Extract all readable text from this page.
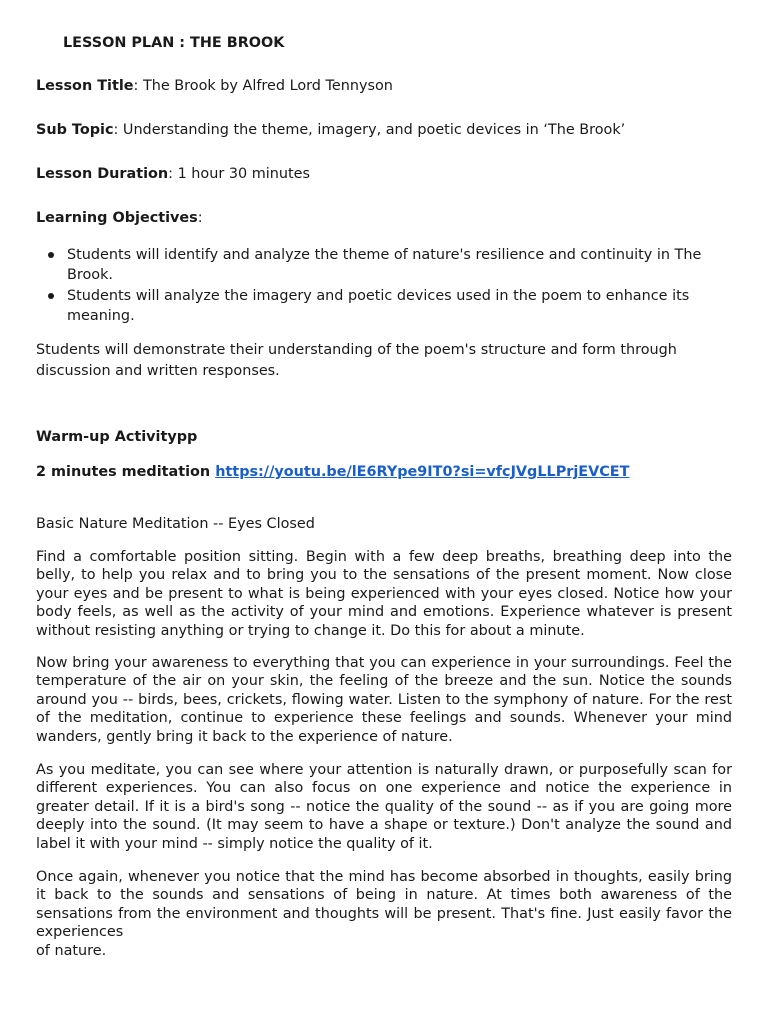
LESSON PLAN : THE BROOK
Lesson Title: The Brook by Alfred Lord Tennyson
Sub Topic: Understanding the theme, imagery, and poetic devices in ‘The Brook’
Lesson Duration: 1 hour 30 minutes
Learning Objectives:
Students will identify and analyze the theme of nature's resilience and continuity in The Brook.
Students will analyze the imagery and poetic devices used in the poem to enhance its meaning.

Students will demonstrate their understanding of the poem's structure and form through discussion and written responses.

Warm-up Activitypp
2 minutes meditation https://youtu.be/lE6RYpe9IT0?si=vfcJVgLLPrjEVCET
Basic Nature Meditation -- Eyes Closed

Find a comfortable position sitting. Begin with a few deep breaths, breathing deep into the belly, to help you relax and to bring you to the sensations of the present moment. Now close your eyes and be present to what is being experienced with your eyes closed. Notice how your body feels, as well as the activity of your mind and emotions. Experience whatever is present without resisting anything or trying to change it. Do this for about a minute.

Now bring your awareness to everything that you can experience in your surroundings. Feel the temperature of the air on your skin, the feeling of the breeze and the sun. Notice the sounds around you -- birds, bees, crickets, flowing water. Listen to the symphony of nature. For the rest of the meditation, continue to experience these feelings and sounds. Whenever your mind wanders, gently bring it back to the experience of nature.

As you meditate, you can see where your attention is naturally drawn, or purposefully scan for different experiences. You can also focus on one experience and notice the experience in greater detail. If it is a bird's song -- notice the quality of the sound -- as if you are going more deeply into the sound. (It may seem to have a shape or texture.) Don't analyze the sound and label it with your mind -- simply notice the quality of it.

Once again, whenever you notice that the mind has become absorbed in thoughts, easily bring it back to the sounds and sensations of being in nature. At times both awareness of the sensations from the environment and thoughts will be present. That's fine. Just easily favor the experiences

of nature.
